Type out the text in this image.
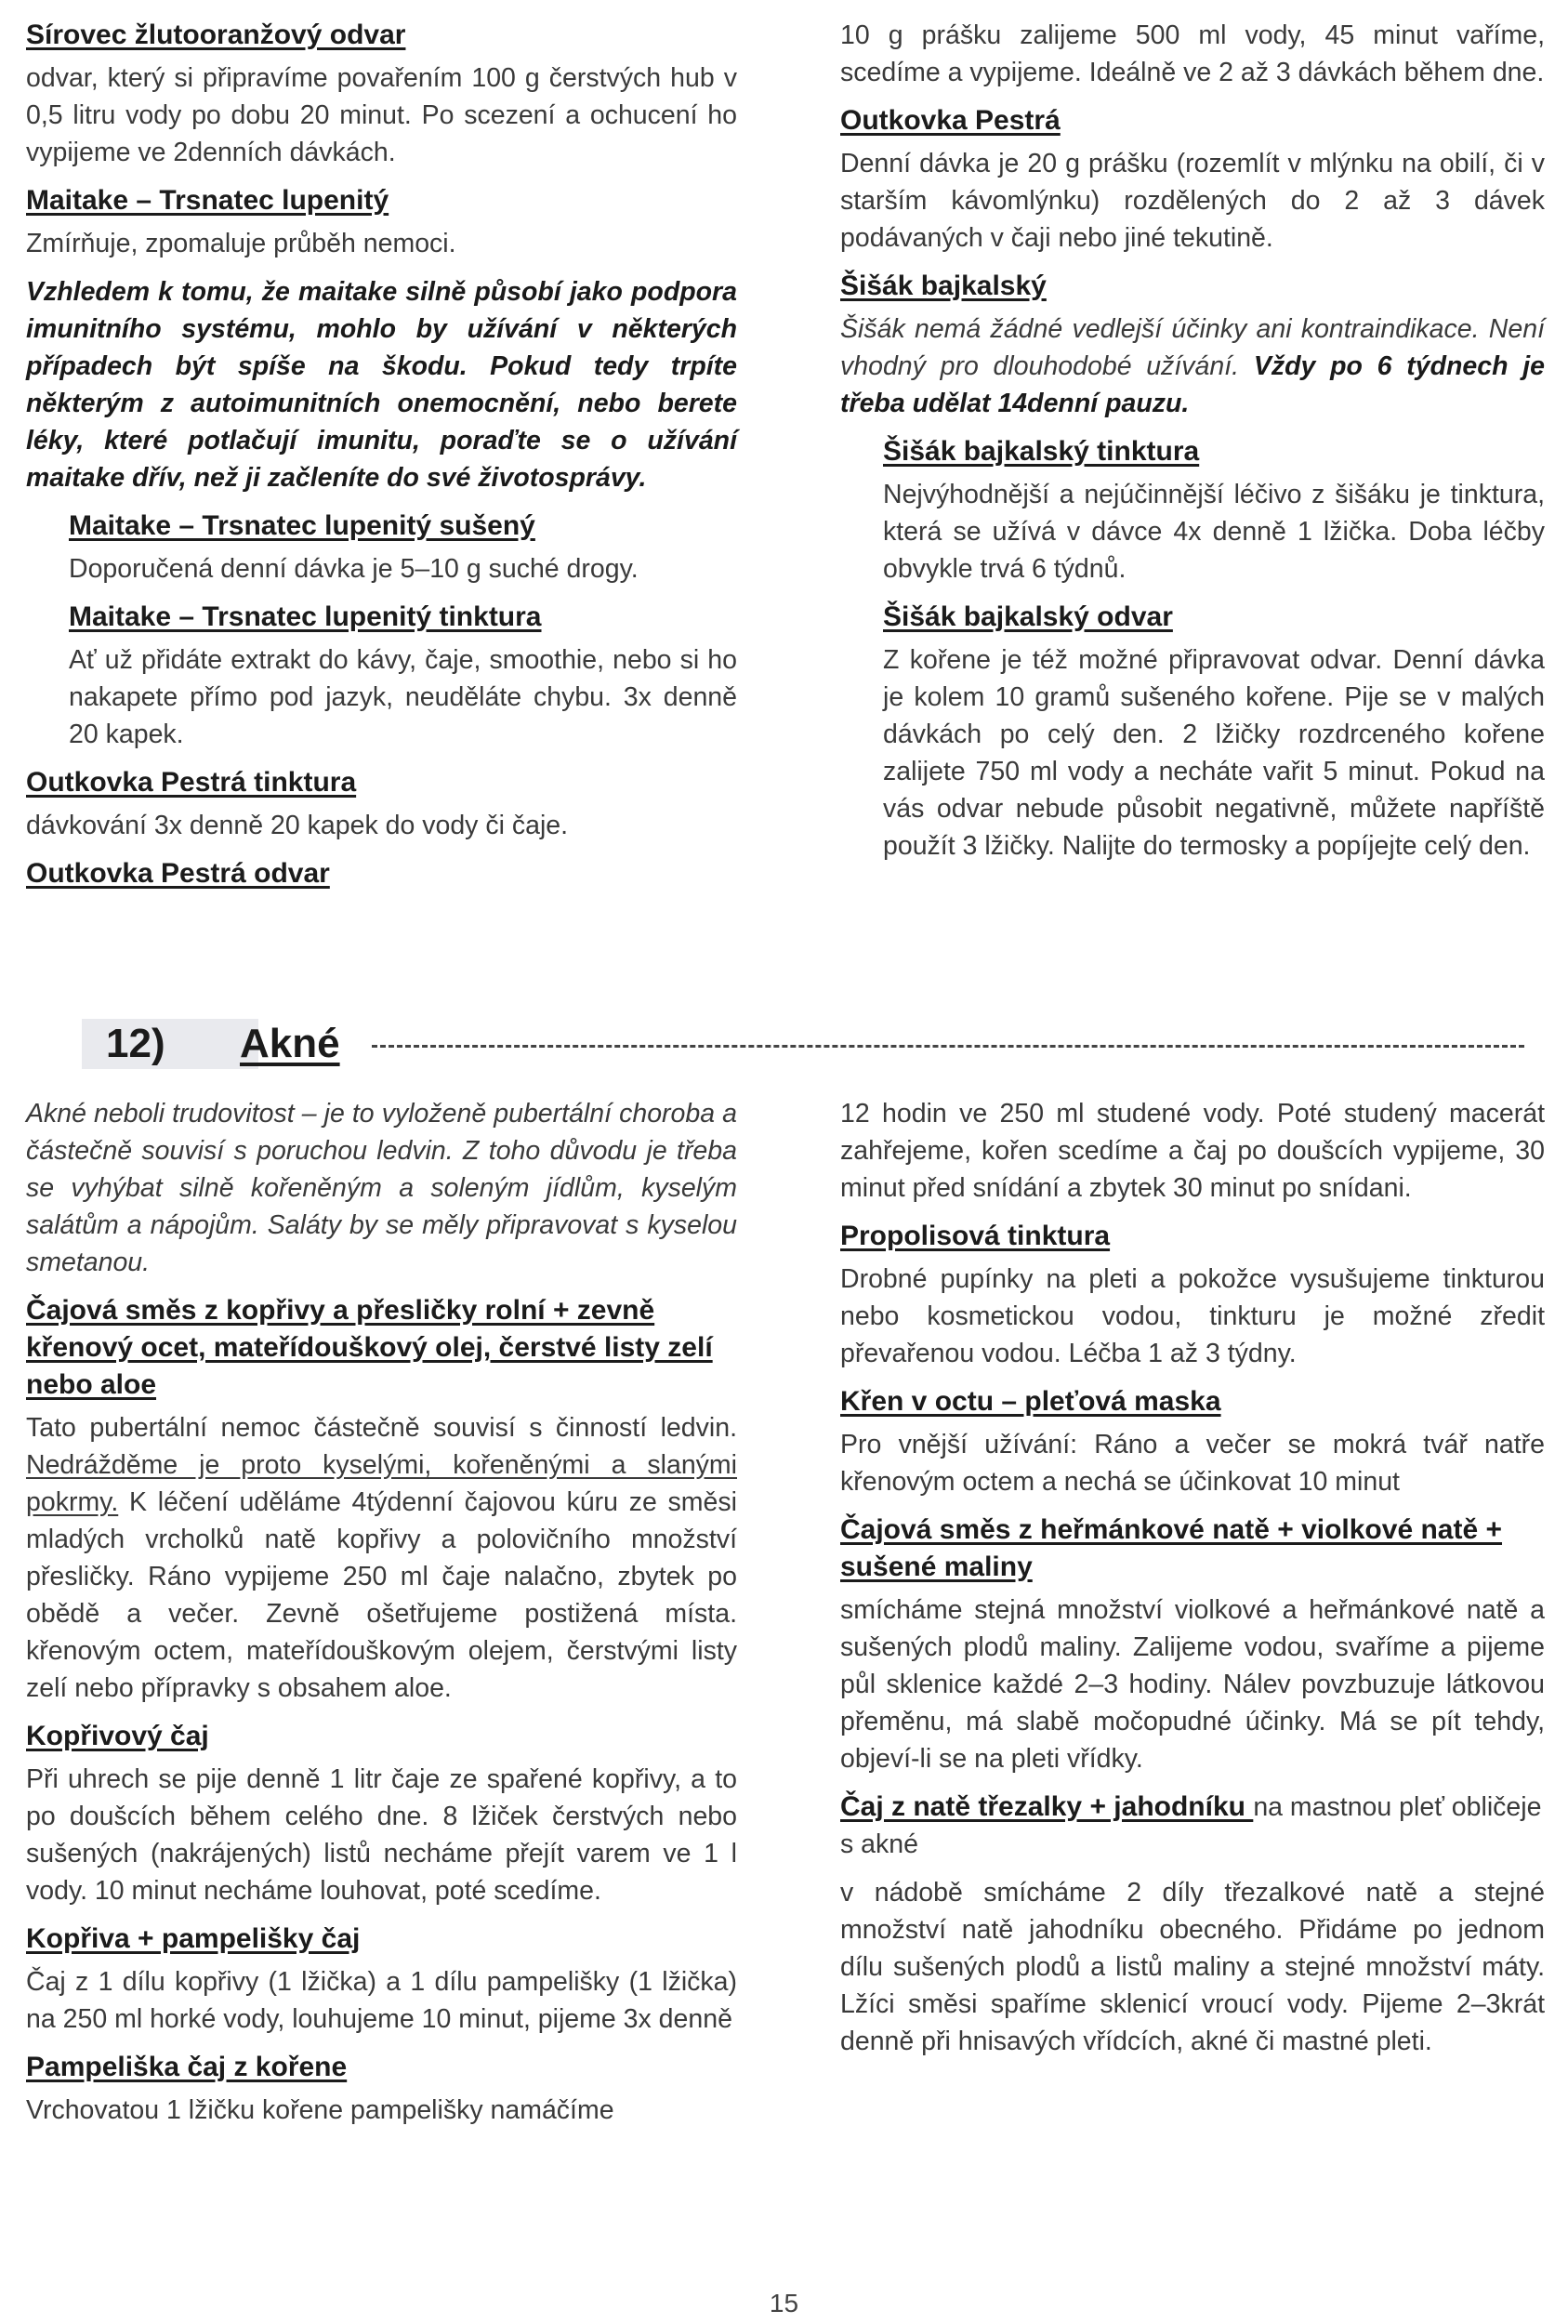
Sírovec žlutooranžový odvar

odvar, který si připravíme povařením 100 g čerstvých hub v 0,5 litru vody po dobu 20 minut. Po scezení a ochucení ho vypijeme ve 2denních dávkách.

Maitake – Trsnatec lupenitý

Zmírňuje, zpomaluje průběh nemoci.

Vzhledem k tomu, že maitake silně působí jako podpora imunitního systému, mohlo by užívání v některých případech být spíše na škodu. Pokud tedy trpíte některým z autoimunitních onemocnění, nebo berete léky, které potlačují imunitu, poraďte se o užívání maitake dřív, než ji začleníte do své životosprávy.

Maitake – Trsnatec lupenitý sušený

Doporučená denní dávka je 5–10 g suché drogy.

Maitake – Trsnatec lupenitý tinktura

Ať už přidáte extrakt do kávy, čaje, smoothie, nebo si ho nakapete přímo pod jazyk, neuděláte chybu. 3x denně 20 kapek.

Outkovka Pestrá tinktura

dávkování 3x denně 20 kapek do vody či čaje.

Outkovka Pestrá odvar

10 g prášku zalijeme 500 ml vody, 45 minut vaříme, scedíme a vypijeme. Ideálně ve 2 až 3 dávkách během dne.

Outkovka Pestrá

Denní dávka je 20 g prášku (rozemlít v mlýnku na obilí, či v starším kávomlýnku) rozdělených do 2 až 3 dávek podávaných v čaji nebo jiné tekutině.

Šišák bajkalský

Šišák nemá žádné vedlejší účinky ani kontraindikace. Není vhodný pro dlouhodobé užívání. Vždy po 6 týdnech je třeba udělat 14denní pauzu.

Šišák bajkalský tinktura

Nejvýhodnější a nejúčinnější léčivo z šišáku je tinktura, která se užívá v dávce 4x denně 1 lžička. Doba léčby obvykle trvá 6 týdnů.

Šišák bajkalský odvar

Z kořene je též možné připravovat odvar. Denní dávka je kolem 10 gramů sušeného kořene. Pije se v malých dávkách po celý den. 2 lžičky rozdrceného kořene zalijete 750 ml vody a necháte vařit 5 minut. Pokud na vás odvar nebude působit negativně, můžete napříště použít 3 lžičky. Nalijte do termosky a popíjejte celý den.

12)	Akné

Akné neboli trudovitost – je to vyloženě pubertální choroba a částečně souvisí s poruchou ledvin. Z toho důvodu je třeba se vyhýbat silně kořeněným a soleným jídlům, kyselým salátům a nápojům. Saláty by se měly připravovat s kyselou smetanou.

Čajová směs z kopřivy a přesličky rolní + zevně křenový ocet, mateřídouškový olej, čerstvé listy zelí nebo aloe

Tato pubertální nemoc částečně souvisí s činností ledvin. Nedrážděme je proto kyselými, kořeněnými a slanými pokrmy. K léčení uděláme 4týdenní čajovou kúru ze směsi mladých vrcholků natě kopřivy a polovičního množství přesličky. Ráno vypijeme 250 ml čaje nalačno, zbytek po obědě a večer. Zevně ošetřujeme postižená místa. křenovým octem, mateřídouškovým olejem, čerstvými listy zelí nebo přípravky s obsahem aloe.

Kopřivový čaj

Při uhrech se pije denně 1 litr čaje ze spařené kopřivy, a to po doušcích během celého dne. 8 lžiček čerstvých nebo sušených (nakrájených) listů necháme přejít varem ve 1 l vody. 10 minut necháme louhovat, poté scedíme.

Kopřiva + pampelišky čaj

Čaj z 1 dílu kopřivy (1 lžička) a 1 dílu pampelišky (1 lžička) na 250 ml horké vody, louhujeme 10 minut, pijeme 3x denně

Pampeliška čaj z kořene

Vrchovatou 1 lžičku kořene pampelišky namáčíme

12 hodin ve 250 ml studené vody. Poté studený macerát zahřejeme, kořen scedíme a čaj po doušcích vypijeme, 30 minut před snídání a zbytek 30 minut po snídani.

Propolisová tinktura

Drobné pupínky na pleti a pokožce vysušujeme tinkturou nebo kosmetickou vodou, tinkturu je možné zředit převařenou vodou. Léčba 1 až 3 týdny.

Křen v octu – pleťová maska

Pro vnější užívání: Ráno a večer se mokrá tvář natře křenovým octem a nechá se účinkovat 10 minut

Čajová směs z heřmánkové natě + violkové natě + sušené maliny

smícháme stejná množství violkové a heřmánkové natě a sušených plodů maliny. Zalijeme vodou, svaříme a pijeme půl sklenice každé 2–3 hodiny. Nálev povzbuzuje látkovou přeměnu, má slabě močopudné účinky. Má se pít tehdy, objeví-li se na pleti vřídky.

Čaj z natě třezalky + jahodníku na mastnou pleť obličeje s akné

v nádobě smícháme 2 díly třezalkové natě a stejné množství natě jahodníku obecného. Přidáme po jednom dílu sušených plodů a listů maliny a stejné množství máty. Lžíci směsi spaříme sklenicí vroucí vody. Pijeme 2–3krát denně při hnisavých vřídcích, akné či mastné pleti.

15
